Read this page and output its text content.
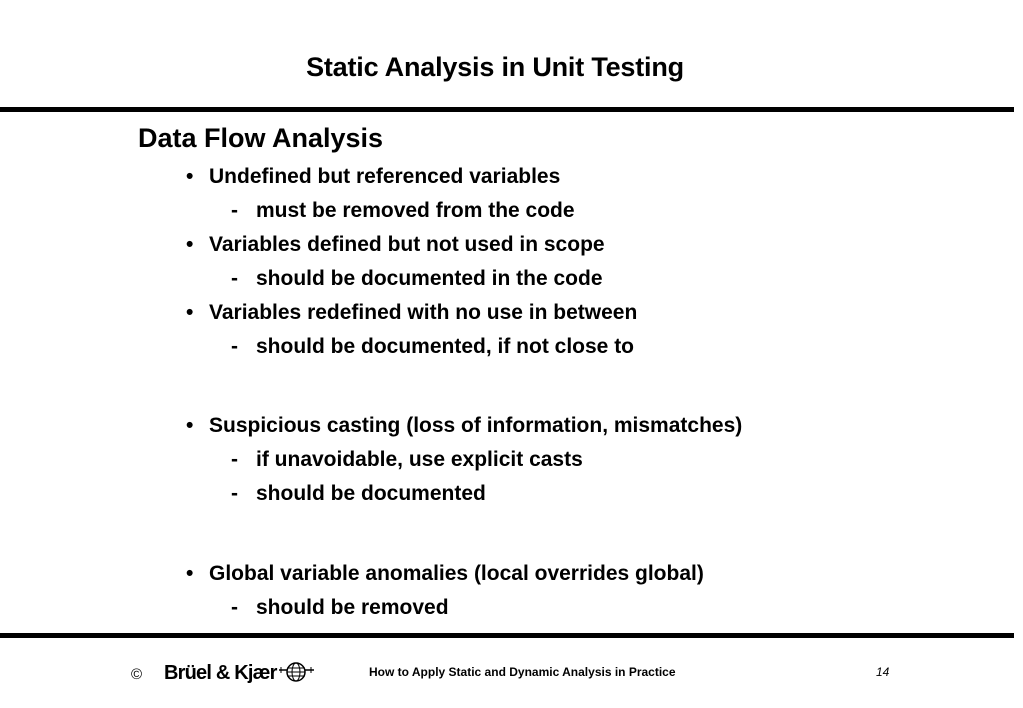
Static Analysis in Unit Testing
Data Flow Analysis
• Undefined but referenced variables
- must be removed from the code
• Variables defined but not used in scope
- should be documented in the code
• Variables redefined with no use in between
- should be documented, if not close to
• Suspicious casting (loss of information, mismatches)
- if unavoidable, use explicit casts
- should be documented
• Global variable anomalies (local overrides global)
- should be removed
© Brüel & Kjær	How to Apply Static and Dynamic Analysis in Practice	14
